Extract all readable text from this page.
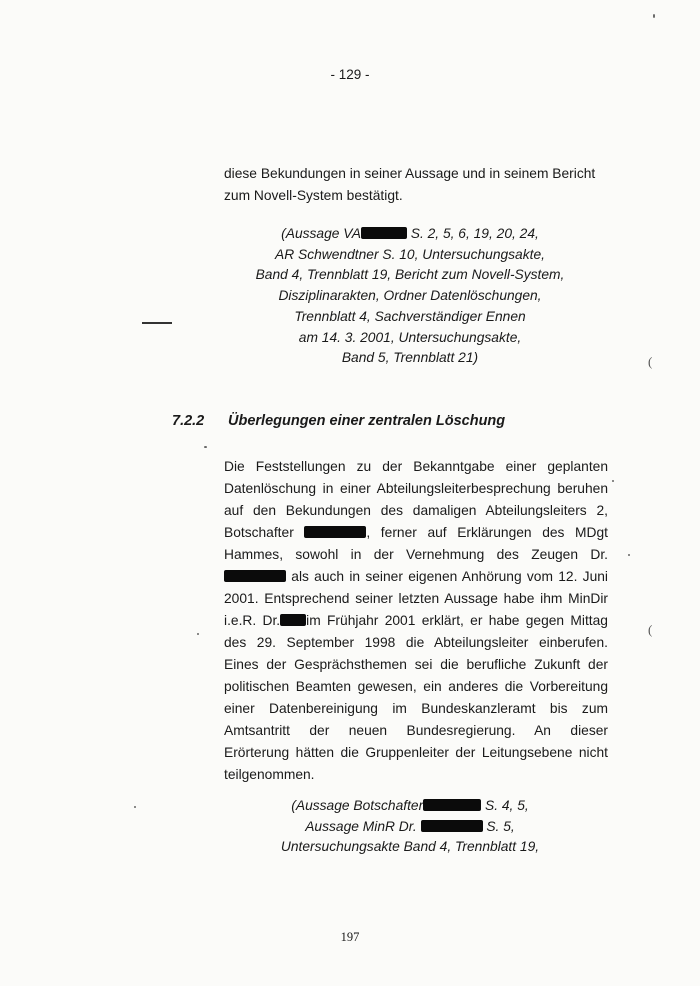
- 129 -
diese Bekundungen in seiner Aussage und in seinem Bericht
zum Novell-System bestätigt.
(Aussage VA	S. 2, 5, 6, 19, 20, 24,
AR Schwendtner S. 10, Untersuchungsakte,
Band 4, Trennblatt 19, Bericht zum Novell-System,
Disziplinarakten, Ordner Datenlöschungen,
Trennblatt 4, Sachverständiger Ennen
am 14. 3. 2001, Untersuchungsakte,
Band 5, Trennblatt 21)
7.2.2 Überlegungen einer zentralen Löschung
Die Feststellungen zu der Bekanntgabe einer geplanten
Datenlöschung in einer Abteilungsleiterbesprechung beruhen
auf den Bekundungen des damaligen Abteilungsleiters 2,
Botschafter	, ferner auf Erklärungen des MDgt
Hammes, sowohl in der Vernehmung des Zeugen Dr.
als auch in seiner eigenen Anhörung vom 12. Juni
2001. Entsprechend seiner letzten Aussage habe ihm MinDir
i.e.R. Dr. im Frühjahr 2001 erklärt, er habe gegen Mittag
des 29. September 1998 die Abteilungsleiter einberufen.
Eines der Gesprächsthemen sei die berufliche Zukunft der
politischen Beamten gewesen, ein anderes die Vorbereitung
einer Datenbereinigung im Bundeskanzleramt bis zum
Amtsantritt der neuen Bundesregierung. An dieser
Erörterung hätten die Gruppenleiter der Leitungsebene nicht
teilgenommen.
(Aussage Botschafter	S. 4, 5,
Aussage MinR Dr.	S. 5,
Untersuchungsakte Band 4, Trennblatt 19,
197
(
(
